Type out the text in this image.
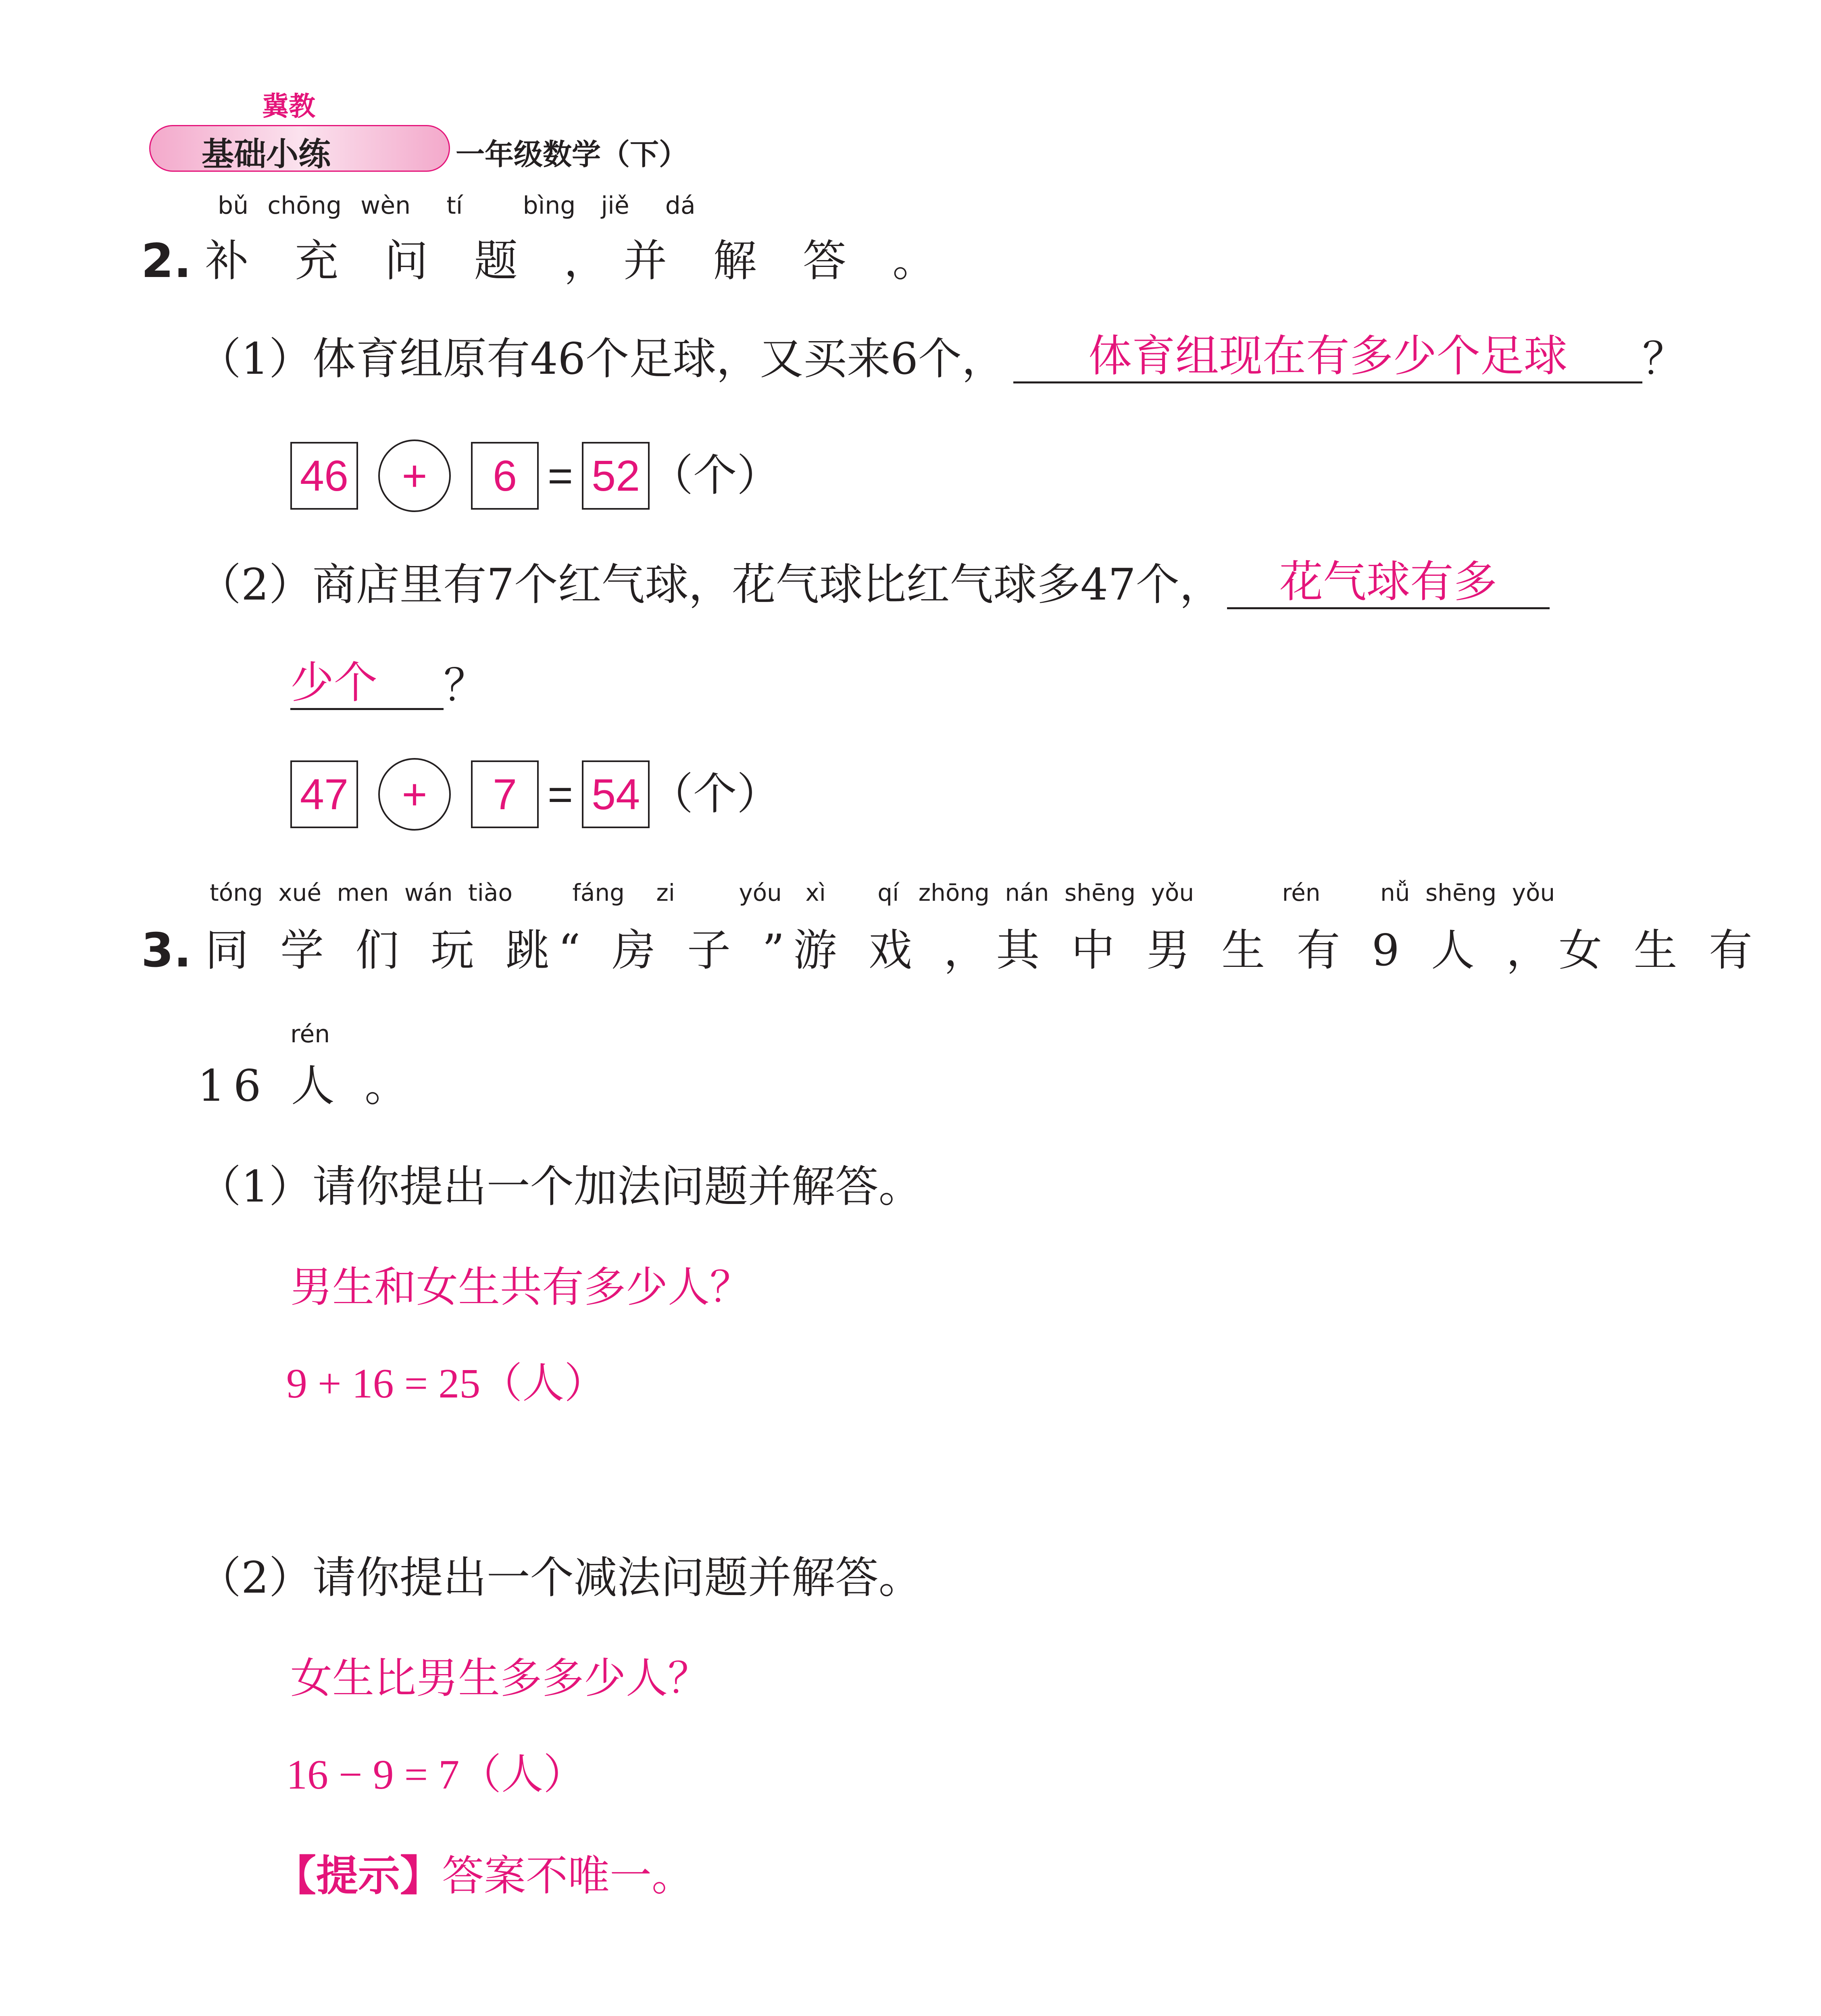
冀教
基础小练	一年级数学（下）
bǔ chōng wèn tí bìng jiě dá
2. 补 充 问 题 ，并 解 答 。
（1） 体育组原有46个足球，又买来6个，	体育组现在有多少个足球	？
46	+	6 = 52 （个）
（2） 商店里有7个红气球，花气球比红气球多47个，	花气球有多
少个	？
47	+	7 = 54 （个）
tóng xué men wán tiào	fáng zi	yóu xì qí zhōng nán shēng yǒu	rén	nǚ shēng yǒu
3. 同 学 们 玩 跳“ 房 子 ”游 戏 ，其 中 男 生 有 9 人 ，女 生 有
rén
16 人 。
（1）请你提出一个加法问题并解答。
男生和女生共有多少人？
9 + 16 = 25（人）
（2）请你提出一个减法问题并解答。
女生比男生多多少人？
16 − 9 = 7（人）
【提示】答案不唯一。
